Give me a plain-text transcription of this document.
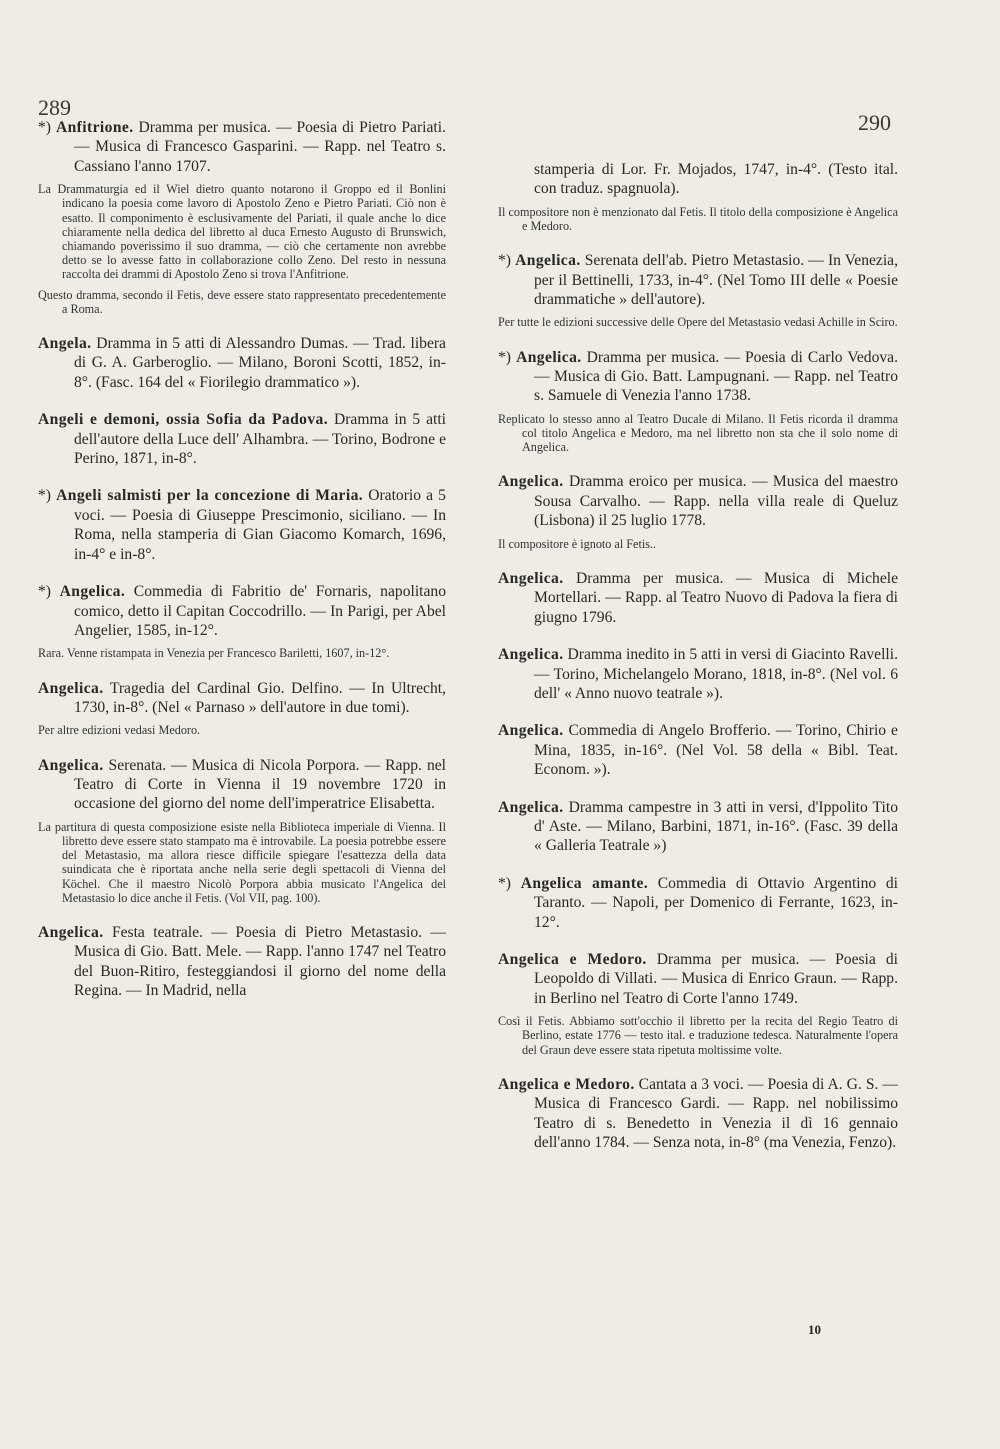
289
290

*) Anfitrione. Dramma per musica. — Poesia di Pietro Pariati. — Musica di Francesco Gasparini. — Rapp. nel Teatro s. Cassiano l'anno 1707.

La Drammaturgia ed il Wiel dietro quanto notarono il Groppo ed il Bonlini indicano la poesia come lavoro di Apostolo Zeno e Pietro Pariati. Ciò non è esatto. Il componimento è esclusivamente del Pariati, il quale anche lo dice chiaramente nella dedica del libretto al duca Ernesto Augusto di Brunswich, chiamando poverissimo il suo dramma, — ciò che certamente non avrebbe detto se lo avesse fatto in collaborazione collo Zeno. Del resto in nessuna raccolta dei drammi di Apostolo Zeno si trova l'Anfitrione.

Questo dramma, secondo il Fetis, deve essere stato rappresentato precedentemente a Roma.

Angela. Dramma in 5 atti di Alessandro Dumas. — Trad. libera di G. A. Garberoglio. — Milano, Boroni Scotti, 1852, in-8°. (Fasc. 164 del « Fiorilegio drammatico »).

Angeli e demoni, ossia Sofia da Padova. Dramma in 5 atti dell'autore della Luce dell' Alhambra. — Torino, Bodrone e Perino, 1871, in-8°.

*) Angeli salmisti per la concezione di Maria. Oratorio a 5 voci. — Poesia di Giuseppe Prescimonio, siciliano. — In Roma, nella stamperia di Gian Giacomo Komarch, 1696, in-4° e in-8°.

*) Angelica. Commedia di Fabritio de' Fornaris, napolitano comico, detto il Capitan Coccodrillo. — In Parigi, per Abel Angelier, 1585, in-12°.

Rara. Venne ristampata in Venezia per Francesco Bariletti, 1607, in-12°.

Angelica. Tragedia del Cardinal Gio. Delfino. — In Ultrecht, 1730, in-8°. (Nel « Parnaso » dell'autore in due tomi).

Per altre edizioni vedasi Medoro.

Angelica. Serenata. — Musica di Nicola Porpora. — Rapp. nel Teatro di Corte in Vienna il 19 novembre 1720 in occasione del giorno del nome dell'imperatrice Elisabetta.

La partitura di questa composizione esiste nella Biblioteca imperiale di Vienna. Il libretto deve essere stato stampato ma è introvabile. La poesia potrebbe essere del Metastasio, ma allora riesce difficile spiegare l'esattezza della data suindicata che è riportata anche nella serie degli spettacoli di Vienna del Köchel. Che il maestro Nicolò Porpora abbia musicato l'Angelica del Metastasio lo dice anche il Fetis. (Vol VII, pag. 100).

Angelica. Festa teatrale. — Poesia di Pietro Metastasio. — Musica di Gio. Batt. Mele. — Rapp. l'anno 1747 nel Teatro del Buon-Ritiro, festeggiandosi il giorno del nome della Regina. — In Madrid, nella

stamperia di Lor. Fr. Mojados, 1747, in-4°. (Testo ital. con traduz. spagnuola).

Il compositore non è menzionato dal Fetis. Il titolo della composizione è Angelica e Medoro.

*) Angelica. Serenata dell'ab. Pietro Metastasio. — In Venezia, per il Bettinelli, 1733, in-4°. (Nel Tomo III delle « Poesie drammatiche » dell'autore).

Per tutte le edizioni successive delle Opere del Metastasio vedasi Achille in Sciro.

*) Angelica. Dramma per musica. — Poesia di Carlo Vedova. — Musica di Gio. Batt. Lampugnani. — Rapp. nel Teatro s. Samuele di Venezia l'anno 1738.

Replicato lo stesso anno al Teatro Ducale di Milano. Il Fetis ricorda il dramma col titolo Angelica e Medoro, ma nel libretto non sta che il solo nome di Angelica.

Angelica. Dramma eroico per musica. — Musica del maestro Sousa Carvalho. — Rapp. nella villa reale di Queluz (Lisbona) il 25 luglio 1778.

Il compositore è ignoto al Fetis..

Angelica. Dramma per musica. — Musica di Michele Mortellari. — Rapp. al Teatro Nuovo di Padova la fiera di giugno 1796.

Angelica. Dramma inedito in 5 atti in versi di Giacinto Ravelli. — Torino, Michelangelo Morano, 1818, in-8°. (Nel vol. 6 dell' « Anno nuovo teatrale »).

Angelica. Commedia di Angelo Brofferio. — Torino, Chirio e Mina, 1835, in-16°. (Nel Vol. 58 della « Bibl. Teat. Econom. »).

Angelica. Dramma campestre in 3 atti in versi, d'Ippolito Tito d' Aste. — Milano, Barbini, 1871, in-16°. (Fasc. 39 della « Galleria Teatrale »)

*) Angelica amante. Commedia di Ottavio Argentino di Taranto. — Napoli, per Domenico di Ferrante, 1623, in-12°.

Angelica e Medoro. Dramma per musica. — Poesia di Leopoldo di Villati. — Musica di Enrico Graun. — Rapp. in Berlino nel Teatro di Corte l'anno 1749.

Così il Fetis. Abbiamo sott'occhio il libretto per la recita del Regio Teatro di Berlino, estate 1776 — testo ital. e traduzione tedesca. Naturalmente l'opera del Graun deve essere stata ripetuta moltissime volte.

Angelica e Medoro. Cantata a 3 voci. — Poesia di A. G. S. — Musica di Francesco Gardi. — Rapp. nel nobilissimo Teatro di s. Benedetto in Venezia il dì 16 gennaio dell'anno 1784. — Senza nota, in-8° (ma Venezia, Fenzo).

10
